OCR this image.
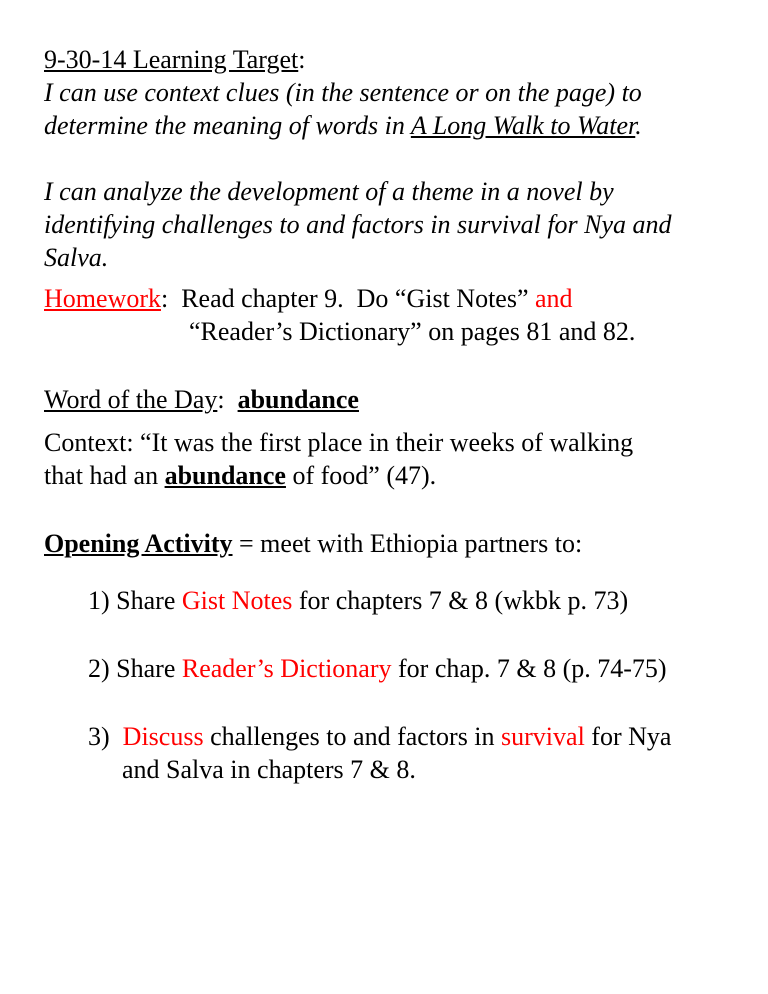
9-30-14 Learning Target:
I can use context clues (in the sentence or on the page) to
determine the meaning of words in A Long Walk to Water.
I can analyze the development of a theme in a novel by
identifying challenges to and factors in survival for Nya and
Salva.
Homework:  Read chapter 9.  Do “Gist Notes” and
“Reader’s Dictionary” on pages 81 and 82.
Word of the Day:  abundance
Context: “It was the first place in their weeks of walking
that had an abundance of food” (47).
Opening Activity = meet with Ethiopia partners to:
1) Share Gist Notes for chapters 7 & 8 (wkbk p. 73)
2) Share Reader’s Dictionary for chap. 7 & 8 (p. 74-75)
3) Discuss challenges to and factors in survival for Nya
and Salva in chapters 7 & 8.
